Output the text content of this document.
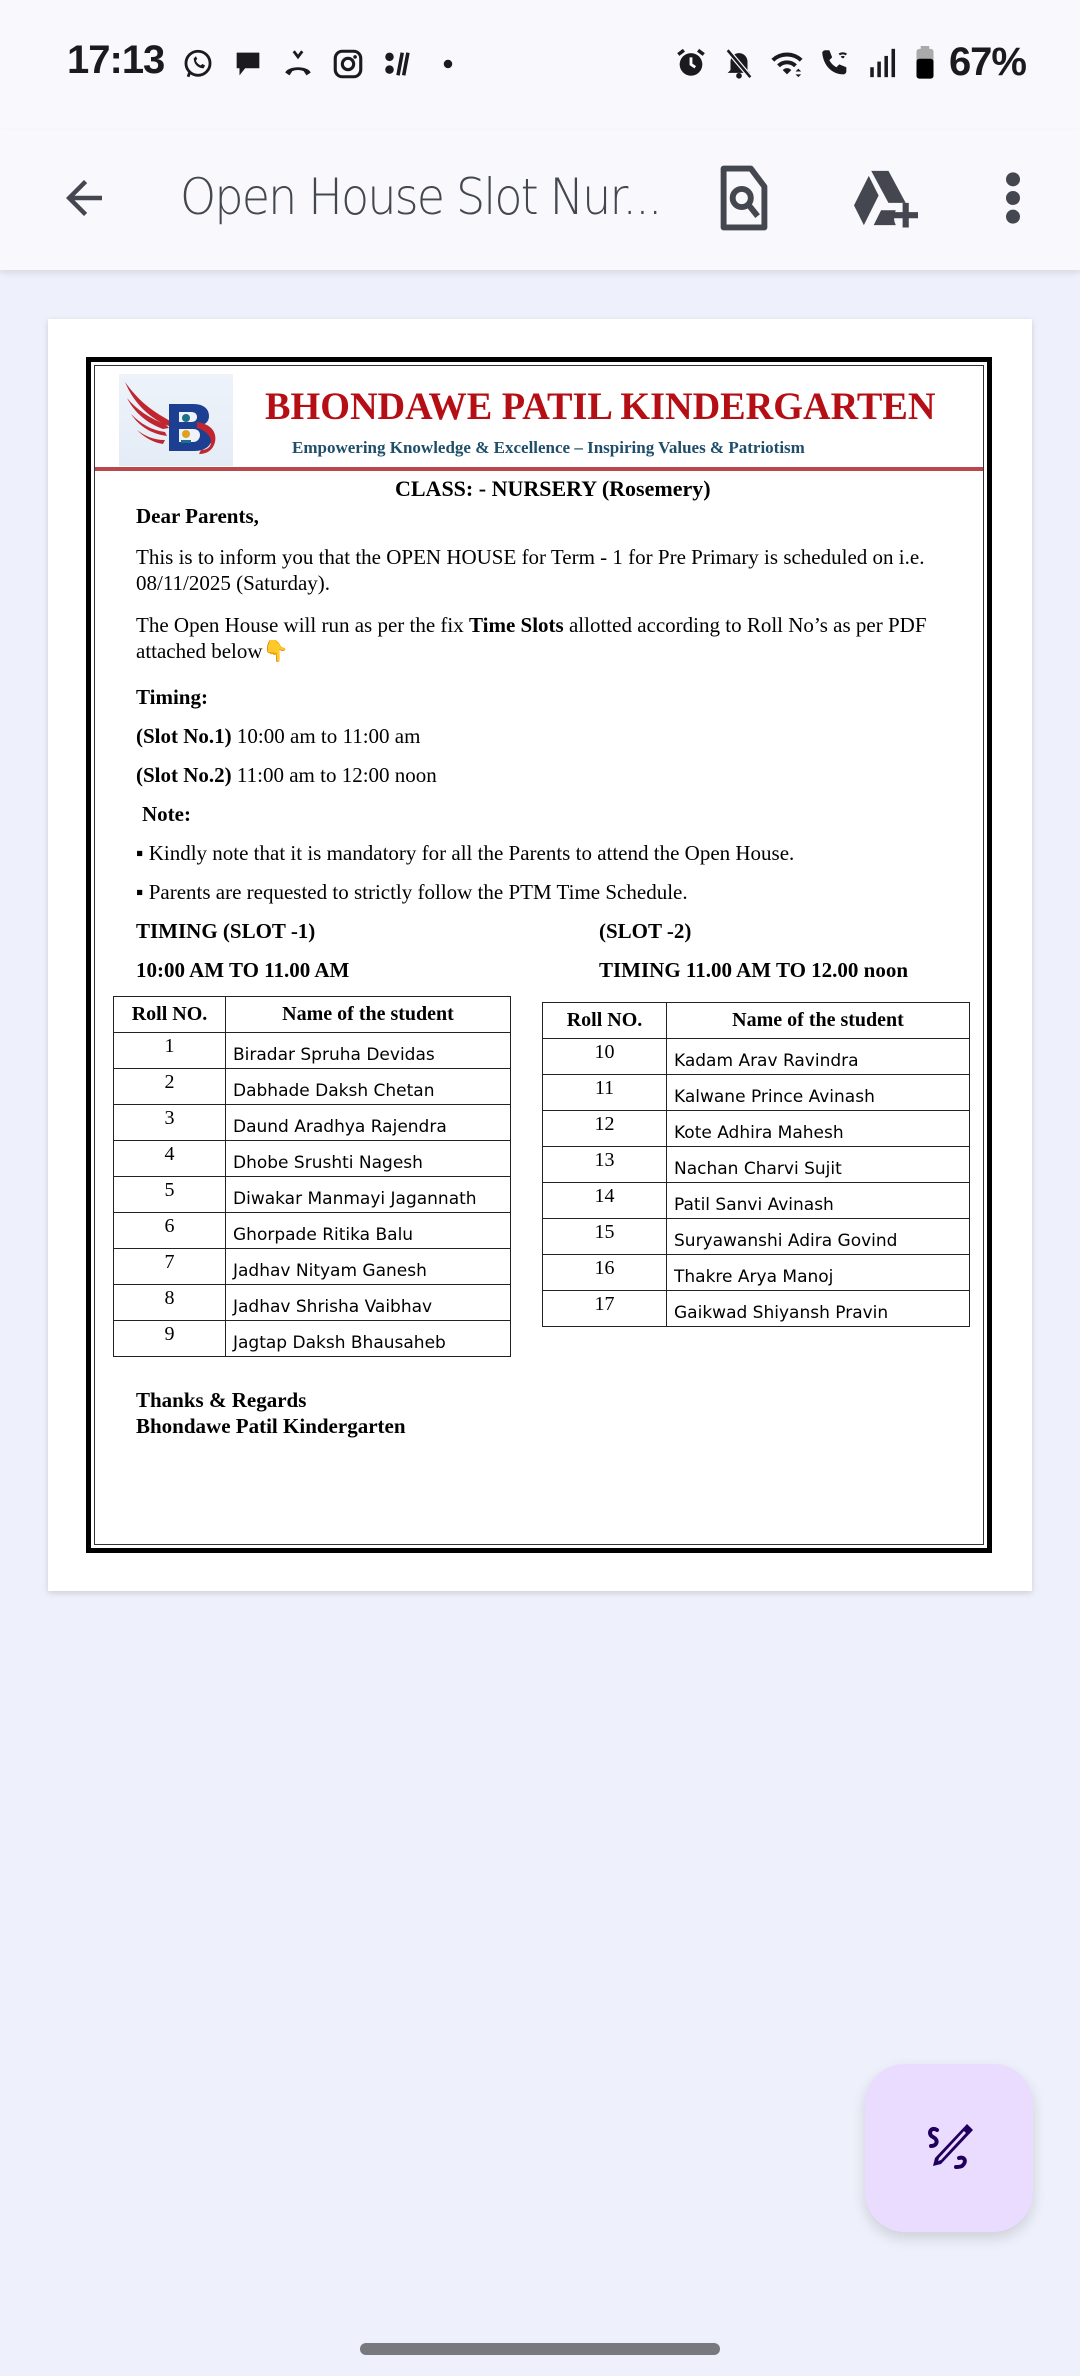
17:13	67%
Open House Slot Nur...
BHONDAWE PATIL KINDERGARTEN
Empowering Knowledge & Excellence – Inspiring Values & Patriotism
CLASS: - NURSERY (Rosemery)
Dear Parents,
This is to inform you that the OPEN HOUSE for Term - 1 for Pre Primary is scheduled on i.e. 08/11/2025 (Saturday).
The Open House will run as per the fix Time Slots allotted according to Roll No’s as per PDF attached below👇
Timing:
(Slot No.1) 10:00 am to 11:00 am
(Slot No.2) 11:00 am to 12:00 noon
Note:
▪ Kindly note that it is mandatory for all the Parents to attend the Open House.
▪ Parents are requested to strictly follow the PTM Time Schedule.
TIMING (SLOT -1)
10:00 AM TO 11.00 AM
(SLOT -2)
TIMING 11.00 AM TO 12.00 noon
Roll NO.	Name of the student
1	Biradar Spruha Devidas
2	Dabhade Daksh Chetan
3	Daund Aradhya Rajendra
4	Dhobe Srushti Nagesh
5	Diwakar Manmayi Jagannath
6	Ghorpade Ritika Balu
7	Jadhav Nityam Ganesh
8	Jadhav Shrisha Vaibhav
9	Jagtap Daksh Bhausaheb
Roll NO.	Name of the student
10	Kadam Arav Ravindra
11	Kalwane Prince Avinash
12	Kote Adhira Mahesh
13	Nachan Charvi Sujit
14	Patil Sanvi Avinash
15	Suryawanshi Adira Govind
16	Thakre Arya Manoj
17	Gaikwad Shiyansh Pravin
Thanks & Regards
Bhondawe Patil Kindergarten
